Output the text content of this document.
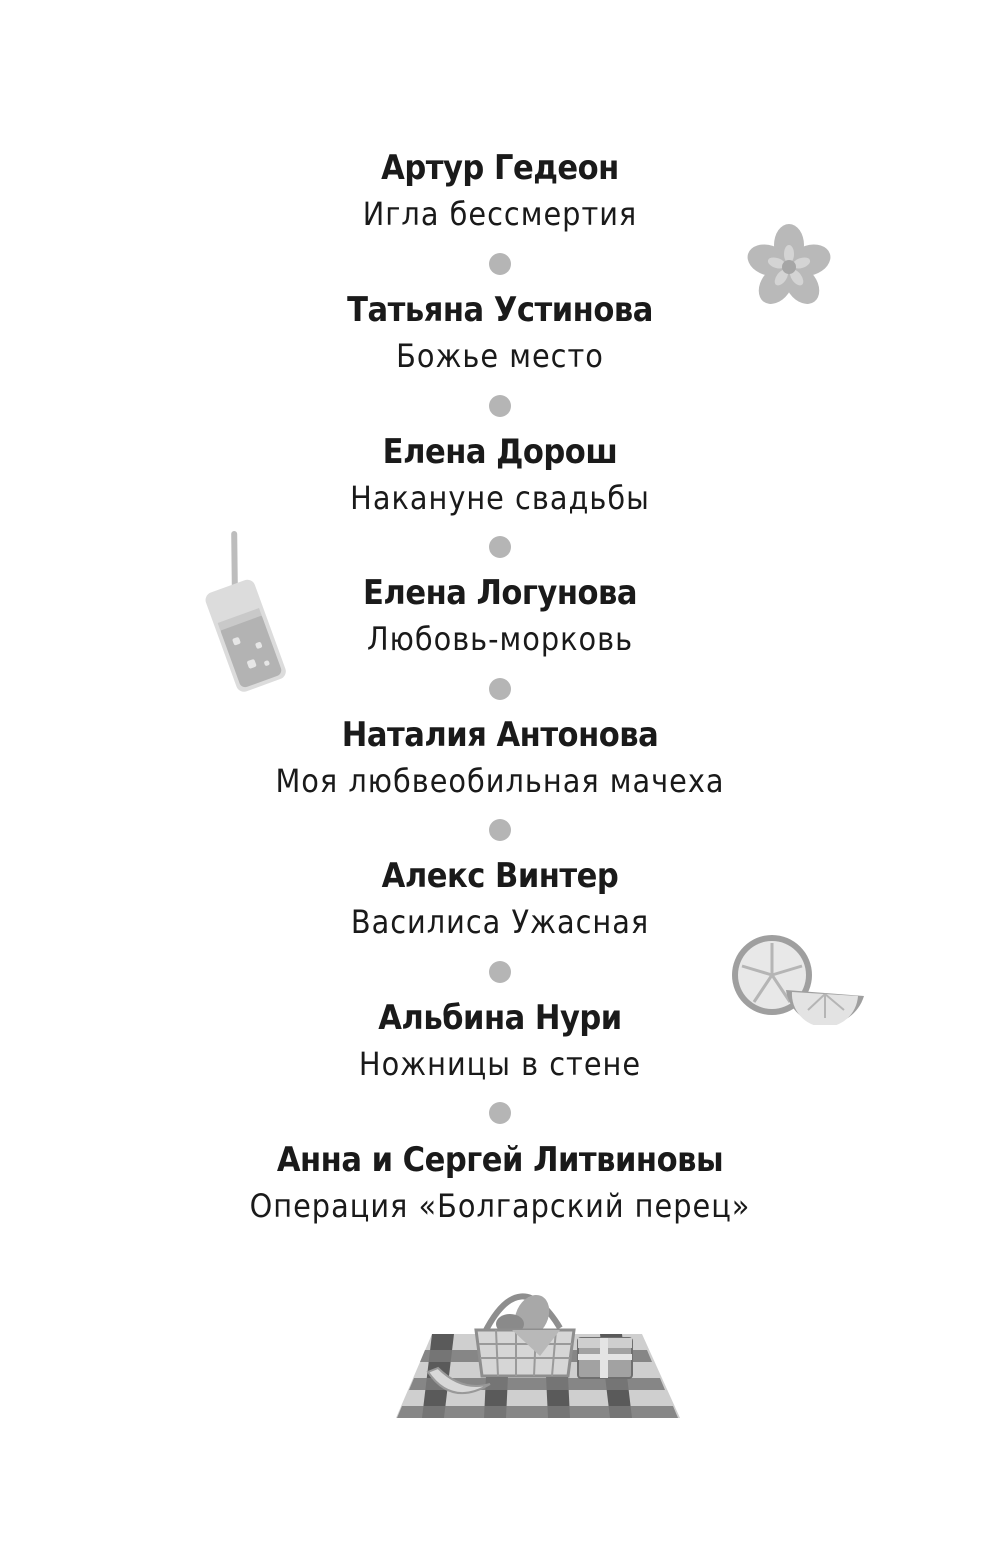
Артур Гедеон
Игла бессмертия
Татьяна Устинова
Божье место
Елена Дорош
Накануне свадьбы
Елена Логунова
Любовь-морковь
Наталия Антонова
Моя любвеобильная мачеха
Алекс Винтер
Василиса Ужасная
Альбина Нури
Ножницы в стене
Анна и Сергей Литвиновы
Операция «Болгарский перец»
